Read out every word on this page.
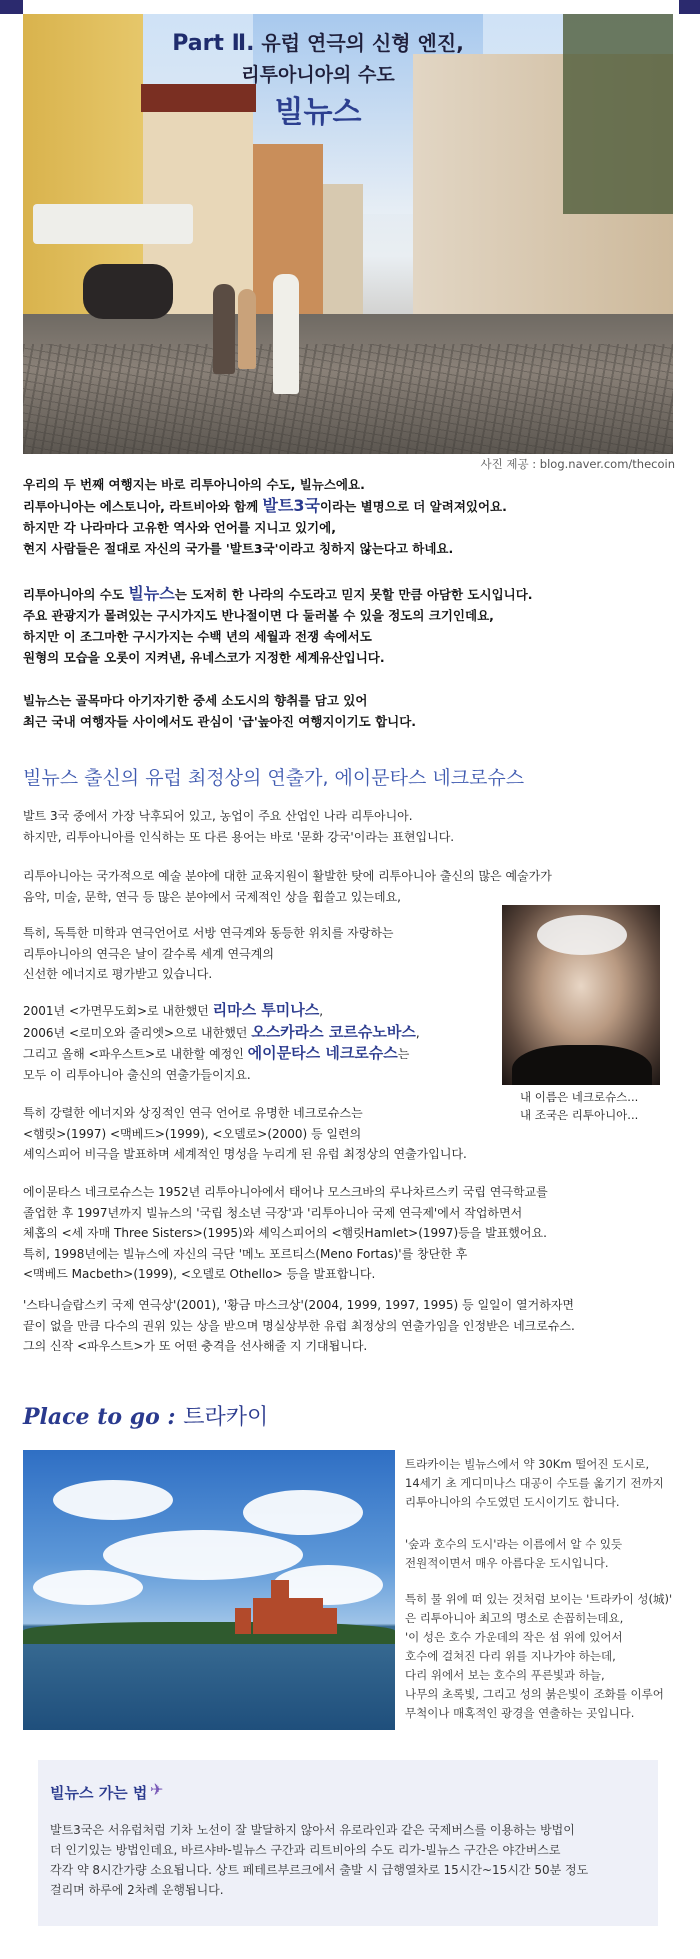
Part Ⅱ. 유럽 연극의 신형 엔진,
리투아니아의 수도
빌뉴스
사진 제공 : blog.naver.com/thecoin
우리의 두 번째 여행지는 바로 리투아니아의 수도, 빌뉴스에요.
리투아니아는 에스토니아, 라트비아와 함께 발트3국이라는 별명으로 더 알려져있어요.
하지만 각 나라마다 고유한 역사와 언어를 지니고 있기에,
현지 사람들은 절대로 자신의 국가를 '발트3국'이라고 칭하지 않는다고 하네요.
리투아니아의 수도 빌뉴스는 도저히 한 나라의 수도라고 믿지 못할 만큼 아담한 도시입니다.
주요 관광지가 몰려있는 구시가지도 반나절이면 다 둘러볼 수 있을 정도의 크기인데요,
하지만 이 조그마한 구시가지는 수백 년의 세월과 전쟁 속에서도
원형의 모습을 오롯이 지켜낸, 유네스코가 지정한 세계유산입니다.
빌뉴스는 골목마다 아기자기한 중세 소도시의 향취를 담고 있어
최근 국내 여행자들 사이에서도 관심이 '급'높아진 여행지이기도 합니다.
빌뉴스 출신의 유럽 최정상의 연출가, 에이문타스 네크로슈스
발트 3국 중에서 가장 낙후되어 있고, 농업이 주요 산업인 나라 리투아니아.
하지만, 리투아니아를 인식하는 또 다른 용어는 바로 '문화 강국'이라는 표현입니다.
리투아니아는 국가적으로 예술 분야에 대한 교육지원이 활발한 탓에 리투아니아 출신의 많은 예술가가
음악, 미술, 문학, 연극 등 많은 분야에서 국제적인 상을 휩쓸고 있는데요,
특히, 독특한 미학과 연극언어로 서방 연극계와 동등한 위치를 자랑하는
리투아니아의 연극은 날이 갈수록 세계 연극계의
신선한 에너지로 평가받고 있습니다.
2001년 <가면무도회>로 내한했던 리마스 투미나스,
2006년 <로미오와 줄리엣>으로 내한했던 오스카라스 코르슈노바스,
그리고 올해 <파우스트>로 내한할 예정인 에이문타스 네크로슈스는
모두 이 리투아니아 출신의 연출가들이지요.
내 이름은 네크로슈스...
내 조국은 리투아니아...
특히 강렬한 에너지와 상징적인 연극 언어로 유명한 네크로슈스는
<햄릿>(1997) <맥베드>(1999), <오델로>(2000) 등 일련의
셰익스피어 비극을 발표하며 세계적인 명성을 누리게 된 유럽 최정상의 연출가입니다.
에이문타스 네크로슈스는 1952년 리투아니아에서 태어나 모스크바의 루나차르스키 국립 연극학교를
졸업한 후 1997년까지 빌뉴스의 '국립 청소년 극장'과 '리투아니아 국제 연극제'에서 작업하면서
체홉의 <세 자매 Three Sisters>(1995)와 셰익스피어의 <햄릿Hamlet>(1997)등을 발표했어요.
특히, 1998년에는 빌뉴스에 자신의 극단 '메노 포르티스(Meno Fortas)'를 창단한 후
<맥베드 Macbeth>(1999), <오델로 Othello> 등을 발표합니다.
'스타니슬랍스키 국제 연극상'(2001), '황금 마스크상'(2004, 1999, 1997, 1995) 등 일일이 열거하자면
끝이 없을 만큼 다수의 권위 있는 상을 받으며 명실상부한 유럽 최정상의 연출가임을 인정받은 네크로슈스.
그의 신작 <파우스트>가 또 어떤 충격을 선사해줄 지 기대됩니다.
Place to go : 트라카이
트라카이는 빌뉴스에서 약 30Km 떨어진 도시로,
14세기 초 게디미나스 대공이 수도를 옮기기 전까지
리투아니아의 수도였던 도시이기도 합니다.
'숲과 호수의 도시'라는 이름에서 알 수 있듯
전원적이면서 매우 아름다운 도시입니다.
특히 물 위에 떠 있는 것처럼 보이는 '트라카이 성(城)'
은 리투아니아 최고의 명소로 손꼽히는데요,
'이 성은 호수 가운데의 작은 섬 위에 있어서
호수에 걸쳐진 다리 위를 지나가야 하는데,
다리 위에서 보는 호수의 푸른빛과 하늘,
나무의 초록빛, 그리고 성의 붉은빛이 조화를 이루어
무척이나 매혹적인 광경을 연출하는 곳입니다.
빌뉴스 가는 법 ✈
발트3국은 서유럽처럼 기차 노선이 잘 발달하지 않아서 유로라인과 같은 국제버스를 이용하는 방법이
더 인기있는 방법인데요, 바르샤바-빌뉴스 구간과 리트비아의 수도 리가-빌뉴스 구간은 야간버스로
각각 약 8시간가량 소요됩니다. 상트 페테르부르크에서 출발 시 급행열차로 15시간~15시간 50분 정도
걸리며 하루에 2차례 운행됩니다.
